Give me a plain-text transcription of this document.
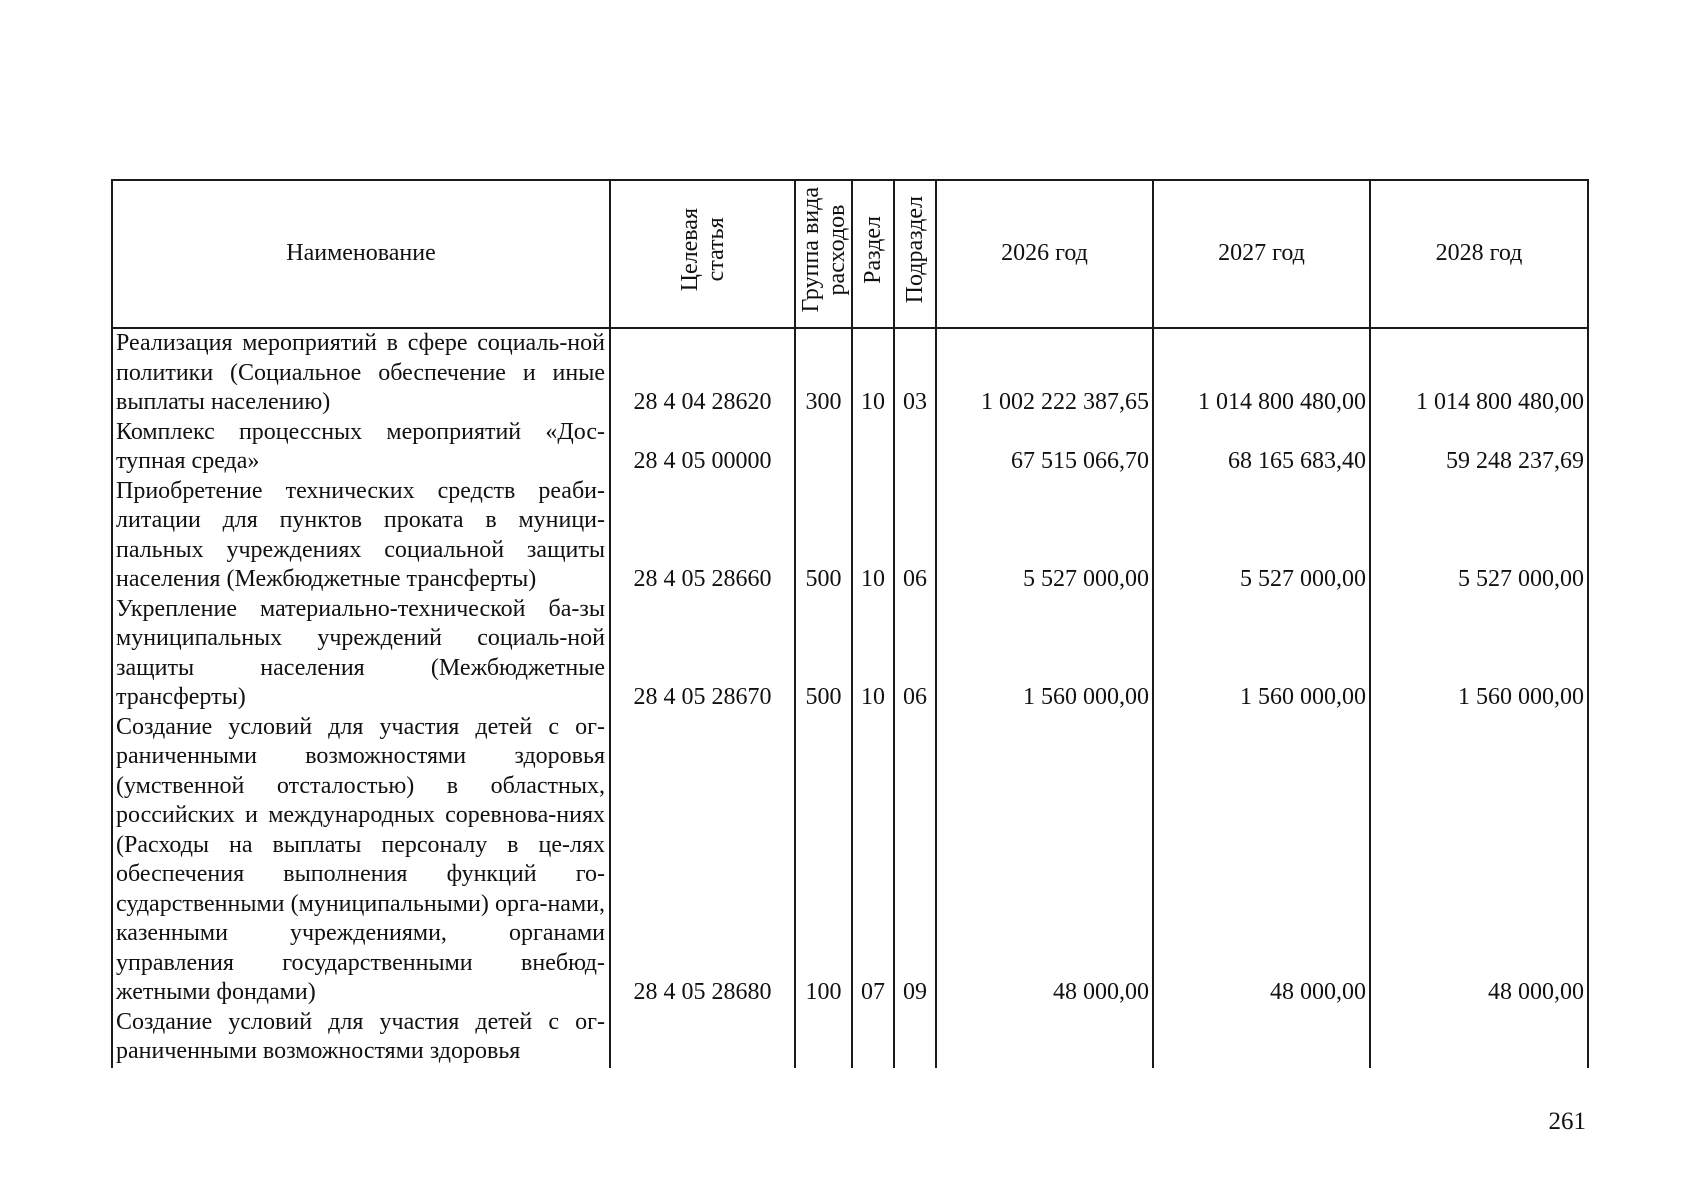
Наименование	Целевая статья	Группа вида расходов	Раздел	Подраздел	2026 год	2027 год	2028 год
Реализация мероприятий в сфере социаль-ной политики (Социальное обеспечение и иные выплаты населению)	28 4 04 28620	300	10	03	1 002 222 387,65	1 014 800 480,00	1 014 800 480,00
Комплекс процессных мероприятий «Дос-тупная среда»	28 4 05 00000				67 515 066,70	68 165 683,40	59 248 237,69
Приобретение технических средств реаби-литации для пунктов проката в муници-пальных учреждениях социальной защиты населения (Межбюджетные трансферты)	28 4 05 28660	500	10	06	5 527 000,00	5 527 000,00	5 527 000,00
Укрепление материально-технической ба-зы муниципальных учреждений социаль-ной защиты населения (Межбюджетные трансферты)	28 4 05 28670	500	10	06	1 560 000,00	1 560 000,00	1 560 000,00
Создание условий для участия детей с ог-раниченными возможностями здоровья (умственной отсталостью) в областных, российских и международных соревнова-ниях (Расходы на выплаты персоналу в це-лях обеспечения выполнения функций го-сударственными (муниципальными) орга-нами, казенными учреждениями, органами управления государственными внебюд-жетными фондами)	28 4 05 28680	100	07	09	48 000,00	48 000,00	48 000,00

Создание условий для участия детей с ог-раниченными возможностями здоровья							

261
